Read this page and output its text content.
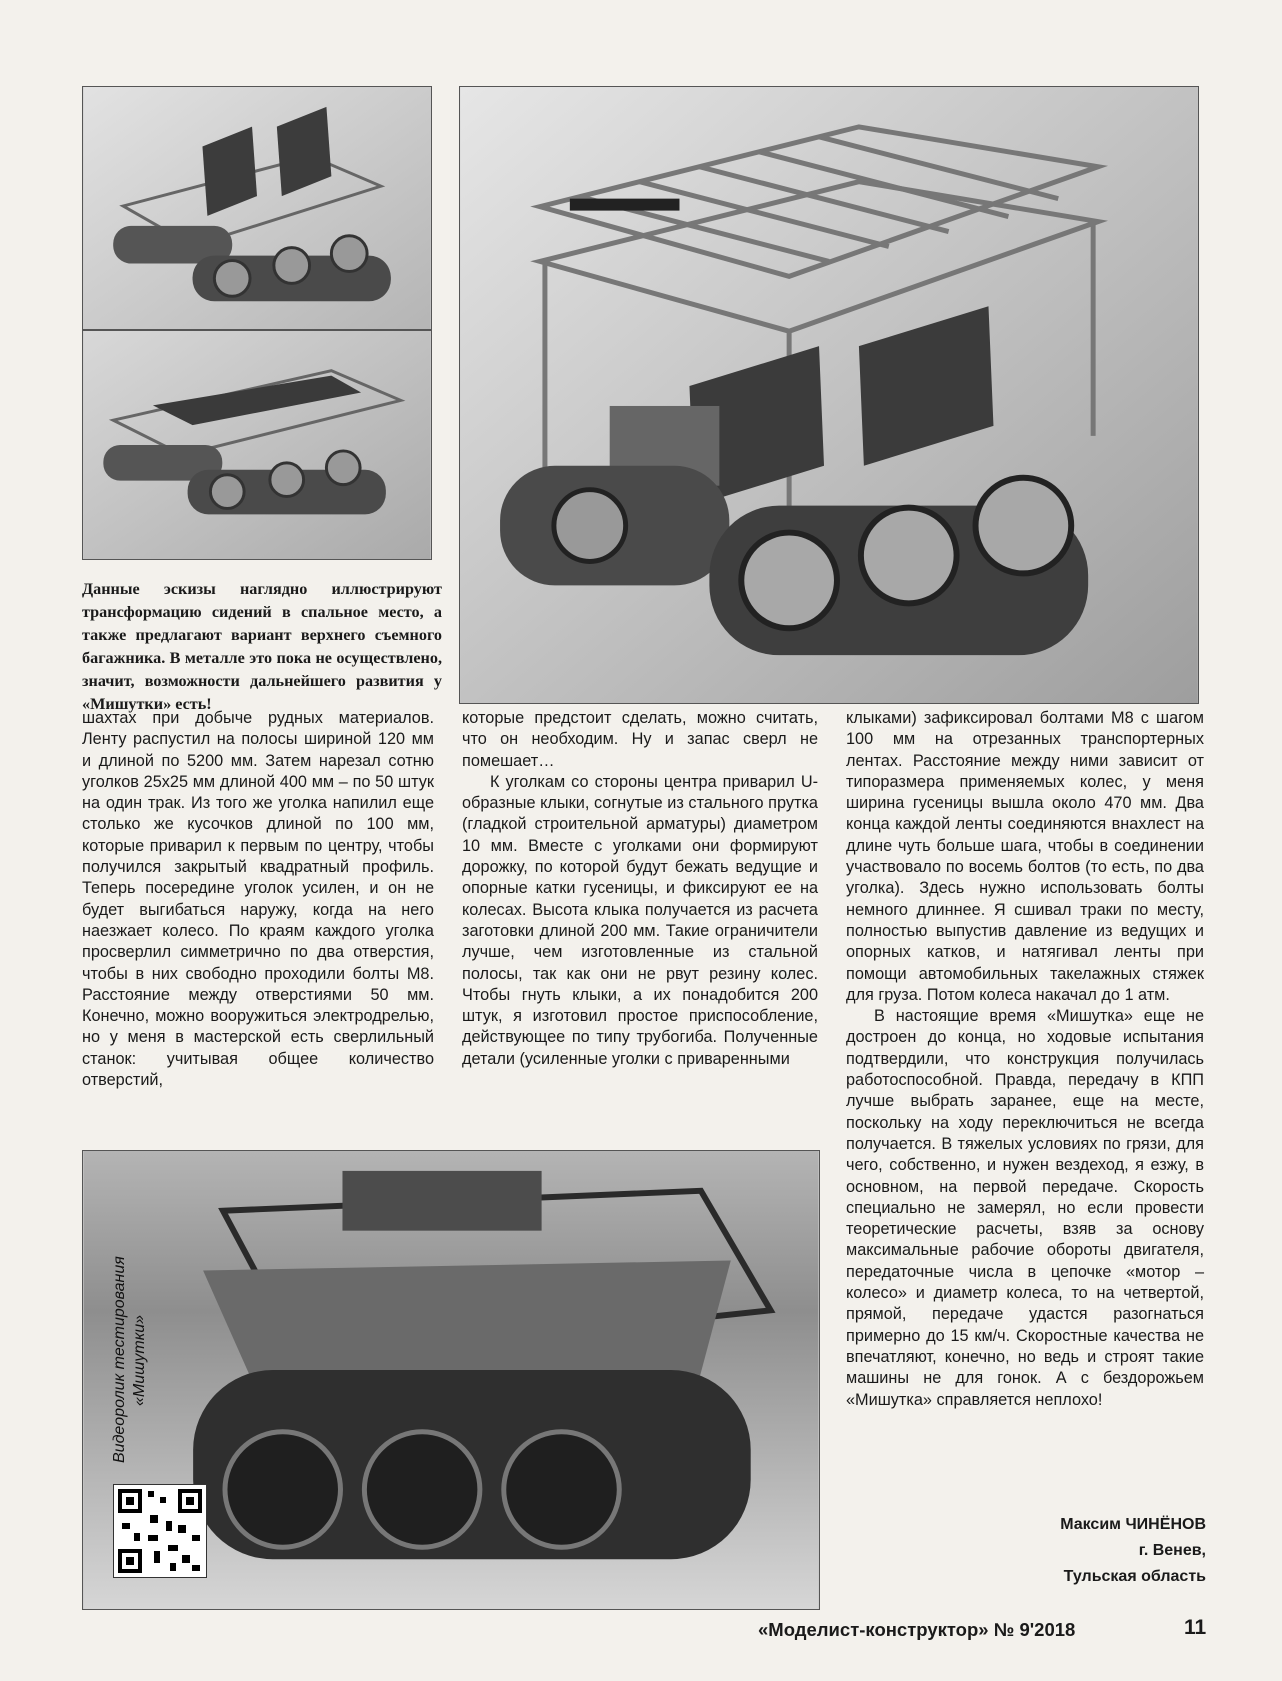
Данные эскизы наглядно иллюстрируют трансформацию сидений в спальное место, а также предлагают вариант верхнего съемного багажника. В металле это пока не осуществлено, значит, возможности дальнейшего развития у «Мишутки» есть!

шахтах при добыче рудных материалов. Ленту распустил на полосы шириной 120 мм и длиной по 5200 мм. Затем нарезал сотню уголков 25х25 мм длиной 400 мм – по 50 штук на один трак. Из того же уголка напилил еще столько же кусочков длиной по 100 мм, которые приварил к первым по центру, чтобы получился закрытый квадратный профиль. Теперь посередине уголок усилен, и он не будет выгибаться наружу, когда на него наезжает колесо. По краям каждого уголка просверлил симметрично по два отверстия, чтобы в них свободно проходили болты М8. Расстояние между отверстиями 50 мм. Конечно, можно вооружиться электродрелью, но у меня в мастерской есть сверлильный станок: учитывая общее количество отверстий,

которые предстоит сделать, можно считать, что он необходим. Ну и запас сверл не помешает…

К уголкам со стороны центра приварил U-образные клыки, согнутые из стального прутка (гладкой строительной арматуры) диаметром 10 мм. Вместе с уголками они формируют дорожку, по которой будут бежать ведущие и опорные катки гусеницы, и фиксируют ее на колесах. Высота клыка получается из расчета заготовки длиной 200 мм. Такие ограничители лучше, чем изготовленные из стальной полосы, так как они не рвут резину колес. Чтобы гнуть клыки, а их понадобится 200 штук, я изготовил простое приспособление, действующее по типу трубогиба. Полученные детали (усиленные уголки с приваренными

клыками) зафиксировал болтами М8 с шагом 100 мм на отрезанных транспортерных лентах. Расстояние между ними зависит от типоразмера применяемых колес, у меня ширина гусеницы вышла около 470 мм. Два конца каждой ленты соединяются внахлест на длине чуть больше шага, чтобы в соединении участвовало по восемь болтов (то есть, по два уголка). Здесь нужно использовать болты немного длиннее. Я сшивал траки по месту, полностью выпустив давление из ведущих и опорных катков, и натягивал ленты при помощи автомобильных такелажных стяжек для груза. Потом колеса накачал до 1 атм.

В настоящие время «Мишутка» еще не достроен до конца, но ходовые испытания подтвердили, что конструкция получилась работоспособной. Правда, передачу в КПП лучше выбрать заранее, еще на месте, поскольку на ходу переключиться не всегда получается. В тяжелых условиях по грязи, для чего, собственно, и нужен вездеход, я езжу, в основном, на первой передаче. Скорость специально не замерял, но если провести теоретические расчеты, взяв за основу максимальные рабочие обороты двигателя, передаточные числа в цепочке «мотор – колесо» и диаметр колеса, то на четвертой, прямой, передаче удастся разогнаться примерно до 15 км/ч. Скоростные качества не впечатляют, конечно, но ведь и строят такие машины не для гонок. А с бездорожьем «Мишутка» справляется неплохо!

Видеоролик тестирования «Мишутки»
Максим ЧИНЁНОВ
г. Венев,
Тульская область
«Моделист-конструктор» № 9'2018	11
